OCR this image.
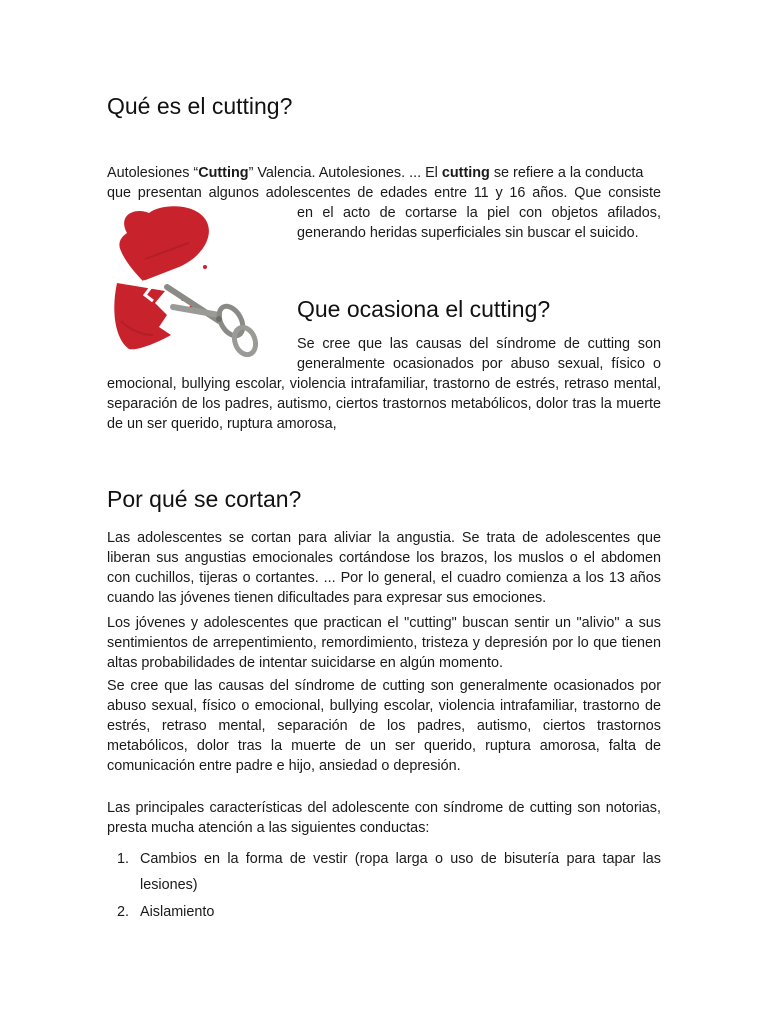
Qué es el cutting?

Autolesiones “Cutting” Valencia. Autolesiones. ... El cutting se refiere a la conducta

que presentan algunos adolescentes de edades entre 11 y 16 años. Que consiste

en el acto de cortarse la piel con objetos afilados,

generando heridas superficiales sin buscar el suicido.

Que ocasiona el cutting?

Se cree que las causas del síndrome de cutting son

generalmente ocasionados por abuso sexual, físico o

emocional, bullying escolar, violencia intrafamiliar, trastorno de estrés, retraso mental, separación de los padres, autismo, ciertos trastornos metabólicos, dolor tras la muerte de un ser querido, ruptura amorosa,

Por qué se cortan?

Las adolescentes se cortan para aliviar la angustia. Se trata de adolescentes que liberan sus angustias emocionales cortándose los brazos, los muslos o el abdomen con cuchillos, tijeras o cortantes. ... Por lo general, el cuadro comienza a los 13 años cuando las jóvenes tienen dificultades para expresar sus emociones.

Los jóvenes y adolescentes que practican el "cutting" buscan sentir un "alivio" a sus sentimientos de arrepentimiento, remordimiento, tristeza y depresión por lo que tienen altas probabilidades de intentar suicidarse en algún momento.

Se cree que las causas del síndrome de cutting son generalmente ocasionados por abuso sexual, físico o emocional, bullying escolar, violencia intrafamiliar, trastorno de estrés, retraso mental, separación de los padres, autismo, ciertos trastornos metabólicos, dolor tras la muerte de un ser querido, ruptura amorosa, falta de comunicación entre padre e hijo, ansiedad o depresión.

Las principales características del adolescente con síndrome de cutting son notorias, presta mucha atención a las siguientes conductas:

1. Cambios en la forma de vestir (ropa larga o uso de bisutería para tapar las lesiones)
2. Aislamiento
